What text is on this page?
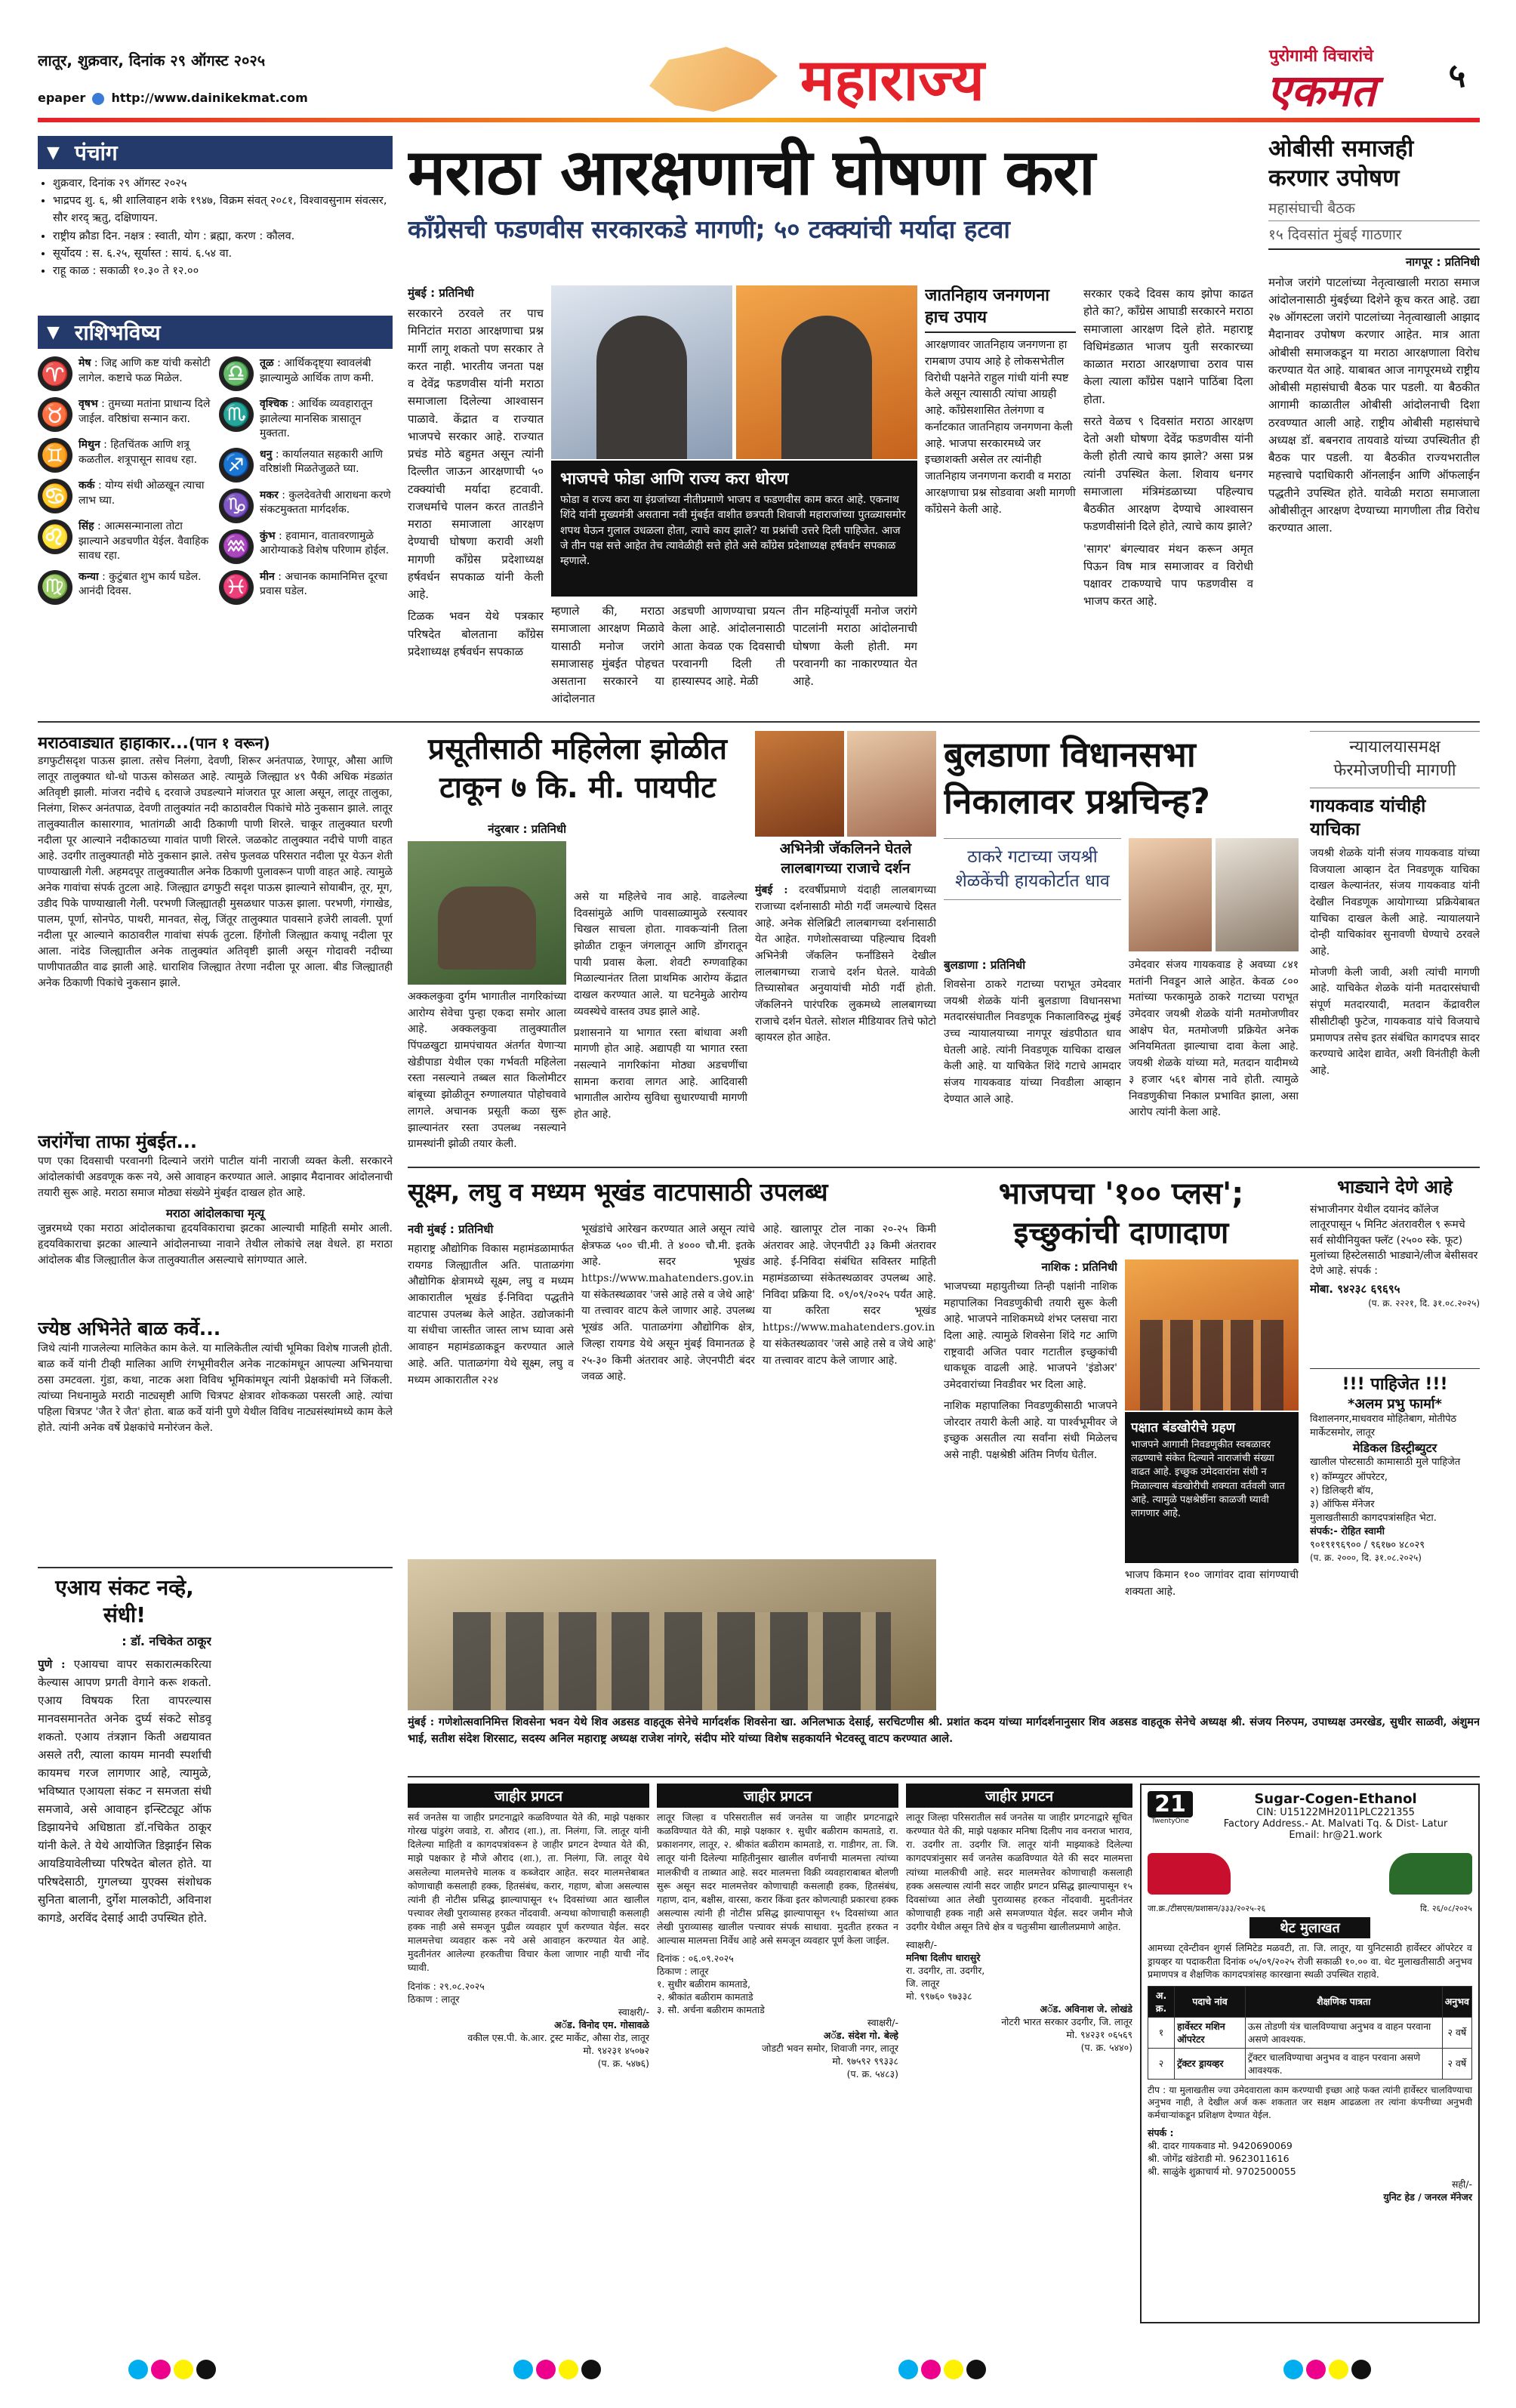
लातूर, शुक्रवार, दिनांक २९ ऑगस्ट २०२५
epaper http://www.dainikekmat.com	महाराज्य	पुरोगामी विचारांचे
एकमत	५
▼ पंचांग
• शुक्रवार, दिनांक २९ ऑगस्ट २०२५
• भाद्रपद शु. ६, श्री शालिवाहन शके १९४७, विक्रम संवत् २०८१, विश्वावसुनाम संवत्सर, सौर शरद् ऋतु, दक्षिणायन.
• राष्ट्रीय क्रौडा दिन. नक्षत्र : स्वाती, योग : ब्रह्मा, करण : कौलव.
• सूर्योदय : स. ६.२५, सूर्यास्त : सायं. ६.५४ वा.
• राहू काळ : सकाळी १०.३० ते १२.००
▼ राशिभविष्य
♈ मेष : जिद्द आणि कष्ट यांची कसोटी लागेल. कष्टाचे फळ मिळेल.
♉ वृषभ : तुमच्या मतांना प्राधान्य दिले जाईल. वरिष्ठांचा सन्मान करा.
♊ मिथुन : हितचिंतक आणि शत्रू कळतील. शत्रूपासून सावध रहा.
♋ कर्क : योग्य संधी ओळखून त्याचा लाभ घ्या.
♌ सिंह : आत्मसन्मानाला तोटा झाल्याने अडचणीत येईल. वैवाहिक सावध रहा.
♍ कन्या : कुटुंबात शुभ कार्य घडेल. आनंदी दिवस.
♎ तूळ : आर्थिकदृष्ट्या स्वावलंबी झाल्यामुळे आर्थिक ताण कमी.
♏ वृश्चिक : आर्थिक व्यवहारातून झालेल्या मानसिक त्रासातून मुक्तता.
♐ धनु : कार्यालयात सहकारी आणि वरिष्ठांशी मिळतेजुळते घ्या.
♑ मकर : कुलदेवतेची आराधना करणे संकटमुक्तता मार्गदर्शक.
♒ कुंभ : हवामान, वातावरणामुळे आरोग्याकडे विशेष परिणाम होईल.
♓ मीन : अचानक कामानिमित्त दूरचा प्रवास घडेल.
मराठा आरक्षणाची घोषणा करा
काँग्रेसची फडणवीस सरकारकडे मागणी; ५० टक्क्यांची मर्यादा हटवा

मुंबई : प्रतिनिधी

सरकारने ठरवले तर पाच मिनिटांत मराठा आरक्षणाचा प्रश्न मार्गी लागू शकतो पण सरकार ते करत नाही. भारतीय जनता पक्ष व देवेंद्र फडणवीस यांनी मराठा समाजाला दिलेल्या आश्वासन पाळावे. केंद्रात व राज्यात भाजपचे सरकार आहे. राज्यात प्रचंड मोठे बहुमत असून त्यांनी दिल्लीत जाऊन आरक्षणाची ५० टक्क्यांची मर्यादा हटवावी. राजधर्माचे पालन करत तातडीने मराठा समाजाला आरक्षण देण्याची घोषणा करावी अशी मागणी काँग्रेस प्रदेशाध्यक्ष हर्षवर्धन सपकाळ यांनी केली आहे.

टिळक भवन येथे पत्रकार परिषदेत बोलताना काँग्रेस प्रदेशाध्यक्ष हर्षवर्धन सपकाळ

भाजपचे फोडा आणि राज्य करा धोरण
फोडा व राज्य करा या इंग्रजांच्या नीतीप्रमाणे भाजप व फडणवीस काम करत आहे. एकनाथ शिंदे यांनी मुख्यमंत्री असताना नवी मुंबईत वाशीत छत्रपती शिवाजी महाराजांच्या पुतळ्यासमोर शपथ घेऊन गुलाल उधळला होता, त्याचे काय झाले? या प्रश्नांची उत्तरे दिली पाहिजेत. आज जे तीन पक्ष सत्ते आहेत तेच त्यावेळीही सत्ते होते असे काँग्रेस प्रदेशाध्यक्ष हर्षवर्धन सपकाळ म्हणाले.

म्हणाले की, मराठा समाजाला आरक्षण मिळावे यासाठी मनोज जरांगे समाजासह मुंबईत पोहचत असताना सरकारने या आंदोलनात

अडचणी आणण्याचा प्रयत्न केला आहे. आंदोलनासाठी आता केवळ एक दिवसाची परवानगी दिली ती हास्यास्पद आहे. मेळी

तीन महिन्यांपूर्वी मनोज जरांगे पाटलांनी मराठा आंदोलनाची घोषणा केली होती. मग परवानगी का नाकारण्यात येत आहे.

जातनिहाय जनगणना हाच उपाय
आरक्षणावर जातनिहाय जनगणना हा रामबाण उपाय आहे हे लोकसभेतील विरोधी पक्षनेते राहुल गांधी यांनी स्पष्ट केले असून त्यासाठी त्यांचा आग्रही आहे. काँग्रेसशासित तेलंगणा व कर्नाटकात जातनिहाय जनगणना केली आहे. भाजपा सरकारमध्ये जर इच्छाशक्ती असेल तर त्यांनीही जातनिहाय जनगणना करावी व मराठा आरक्षणाचा प्रश्न सोडवावा अशी मागणी काँग्रेसने केली आहे.

सरकार एकदे दिवस काय झोपा काढत होते का?, काँग्रेस आघाडी सरकारने मराठा समाजाला आरक्षण दिले होते. महाराष्ट्र विधिमंडळात भाजप युती सरकारच्या काळात मराठा आरक्षणाचा ठराव पास केला त्याला काँग्रेस पक्षाने पाठिंबा दिला होता.

सरते वेळच ९ दिवसांत मराठा आरक्षण देतो अशी घोषणा देवेंद्र फडणवीस यांनी केली होती त्याचे काय झाले? असा प्रश्न त्यांनी उपस्थित केला. शिवाय धनगर समाजाला मंत्रिमंडळाच्या पहिल्याच बैठकीत आरक्षण देण्याचे आश्वासन फडणवीसांनी दिले होते, त्याचे काय झाले?

'सागर' बंगल्यावर मंथन करून अमृत पिऊन विष मात्र समाजावर व विरोधी पक्षावर टाकण्याचे पाप फडणवीस व भाजप करत आहे.

ओबीसी समाजही करणार उपोषण
महासंघाची बैठक
१५ दिवसांत मुंबई गाठणार

नागपूर : प्रतिनिधी

मनोज जरांगे पाटलांच्या नेतृत्वाखाली मराठा समाज आंदोलनासाठी मुंबईच्या दिशेने कूच करत आहे. उद्या २७ ऑगस्टला जरांगे पाटलांच्या नेतृत्वाखाली आझाद मैदानावर उपोषण करणार आहेत. मात्र आता ओबीसी समाजकडून या मराठा आरक्षणाला विरोध करण्यात येत आहे. याबाबत आज नागपूरमध्ये राष्ट्रीय ओबीसी महासंघाची बैठक पार पडली. या बैठकीत आगामी काळातील ओबीसी आंदोलनाची दिशा ठरवण्यात आली आहे. राष्ट्रीय ओबीसी महासंघाचे अध्यक्ष डॉ. बबनराव तायवाडे यांच्या उपस्थितीत ही बैठक पार पडली. या बैठकीत राज्यभरातील महत्त्वाचे पदाधिकारी ऑनलाईन आणि ऑफलाईन पद्धतीने उपस्थित होते. यावेळी मराठा समाजाला ओबीसीतून आरक्षण देण्याच्या मागणीला तीव्र विरोध करण्यात आला.

मराठवाड्यात हाहाकार... (पान १ वरून)

डगफुटीसदृश पाऊस झाला. तसेच निलंगा, देवणी, शिरूर अनंतपाळ, रेणापूर, औसा आणि लातूर तालुक्यात धो-धो पाऊस कोसळत आहे. त्यामुळे जिल्ह्यात ४९ पैकी अधिक मंडळांत अतिवृष्टी झाली. मांजरा नदीचे ६ दरवाजे उघडल्याने मांजरात पूर आला असून, लातूर तालुका, निलंगा, शिरूर अनंतपाळ, देवणी तालुक्यांत नदी काठावरील पिकांचे मोठे नुकसान झाले. लातूर तालुक्यातील कासारगाव, भातांगळी आदी ठिकाणी पाणी शिरले. चाकूर तालुक्यात घरणी नदीला पूर आल्याने नदीकाठच्या गावांत पाणी शिरले. जळकोट तालुक्यात नदीचे पाणी वाहत आहे. उदगीर तालुक्यातही मोठे नुकसान झाले. तसेच फुलवळ परिसरात नदीला पूर येऊन शेती पाण्याखाली गेली. अहमदपूर तालुक्यातील अनेक ठिकाणी पुलावरून पाणी वाहत आहे. त्यामुळे अनेक गावांचा संपर्क तुटला आहे. जिल्ह्यात ढगफुटी सदृश पाऊस झाल्याने सोयाबीन, तूर, मूग, उडीद पिके पाण्याखाली गेली. परभणी जिल्ह्यातही मुसळधार पाऊस झाला. परभणी, गंगाखेड, पालम, पूर्णा, सोनपेठ, पाथरी, मानवत, सेलू, जिंतूर तालुक्यात पावसाने हजेरी लावली. पूर्णा नदीला पूर आल्याने काठावरील गावांचा संपर्क तुटला. हिंगोली जिल्ह्यात कयाधू नदीला पूर आला. नांदेड जिल्ह्यातील अनेक तालुक्यांत अतिवृष्टी झाली असून गोदावरी नदीच्या पाणीपातळीत वाढ झाली आहे. धाराशिव जिल्ह्यात तेरणा नदीला पूर आला. बीड जिल्ह्यातही अनेक ठिकाणी पिकांचे नुकसान झाले.

जरांगेंचा ताफा मुंबईत...

पण एका दिवसाची परवानगी दिल्याने जरांगे पाटील यांनी नाराजी व्यक्त केली. सरकारने आंदोलकांची अडवणूक करू नये, असे आवाहन करण्यात आले. आझाद मैदानावर आंदोलनाची तयारी सुरू आहे. मराठा समाज मोठ्या संख्येने मुंबईत दाखल होत आहे.

मराठा आंदोलकाचा मृत्यू

जुन्नरमध्ये एका मराठा आंदोलकाचा हृदयविकाराचा झटका आल्याची माहिती समोर आली. हृदयविकाराचा झटका आल्याने आंदोलनाच्या नावाने तेथील लोकांचे लक्ष वेधले. हा मराठा आंदोलक बीड जिल्ह्यातील केज तालुक्यातील असल्याचे सांगण्यात आले.

ज्येष्ठ अभिनेते बाळ कर्वे...

जिथे त्यांनी गाजलेल्या मालिकेत काम केले. या मालिकेतील त्यांची भूमिका विशेष गाजली होती. बाळ कर्वे यांनी टीव्ही मालिका आणि रंगभूमीवरील अनेक नाटकांमधून आपल्या अभिनयाचा ठसा उमटवला. गुंडा, कथा, नाटक अशा विविध भूमिकांमधून त्यांनी प्रेक्षकांची मने जिंकली. त्यांच्या निधनामुळे मराठी नाट्यसृष्टी आणि चित्रपट क्षेत्रावर शोककळा पसरली आहे. त्यांचा पहिला चित्रपट 'जैत रे जैत' होता. बाळ कर्वे यांनी पुणे येथील विविध नाट्यसंस्थांमध्ये काम केले होते. त्यांनी अनेक वर्षे प्रेक्षकांचे मनोरंजन केले.

एआय संकट नव्हे, संधी!
: डॉ. नचिकेत ठाकूर

पुणे : एआयचा वापर सकारात्मकरित्या केल्यास आपण प्रगती वेगाने करू शकतो. एआय विषयक रिता वापरल्यास मानवसमानतेत अनेक दुर्घ्य संकटे सोडवू शकतो. एआय तंत्रज्ञान किती अद्ययावत असले तरी, त्याला कायम मानवी स्पर्शाची कायमच गरज लागणार आहे, त्यामुळे, भविष्यात एआयला संकट न समजता संधी समजावे, असे आवाहन इन्स्टिट्यूट ऑफ डिझायनेचे अधिष्ठाता डॉ.नचिकेत ठाकूर यांनी केले. ते येथे आयोजित डिझाईन सिक आयडियावेलीच्या परिषदेत बोलत होते. या परिषदेसाठी, गुगलच्या युएक्स संशोधक सुनिता बालानी, दुर्गेश मालकोटी, अविनाश कागडे, अरविंद देसाई आदी उपस्थित होते.

प्रसूतीसाठी महिलेला झोळीत टाकून ७ कि. मी. पायपीट

नंदुरबार : प्रतिनिधी

अक्कलकुवा दुर्गम भागातील नागरिकांच्या आरोग्य सेवेचा पुन्हा एकदा समोर आला आहे. अक्कलकुवा तालुक्यातील पिंपळखुटा ग्रामपंचायत अंतर्गत येणाऱ्या खेडीपाडा येथील एका गर्भवती महिलेला रस्ता नसल्याने तब्बल सात किलोमीटर बांबूच्या झोळीतून रुग्णालयात पोहोचवावे लागले. अचानक प्रसूती कळा सुरू झाल्यानंतर रस्ता उपलब्ध नसल्याने ग्रामस्थांनी झोळी तयार केली.

असे या महिलेचे नाव आहे. वाढलेल्या दिवसांमुळे आणि पावसाळ्यामुळे रस्त्यावर चिखल साचला होता. गावकऱ्यांनी तिला झोळीत टाकून जंगलातून आणि डोंगरातून पायी प्रवास केला. शेवटी रुग्णवाहिका मिळाल्यानंतर तिला प्राथमिक आरोग्य केंद्रात दाखल करण्यात आले. या घटनेमुळे आरोग्य व्यवस्थेचे वास्तव उघड झाले आहे.

प्रशासनाने या भागात रस्ता बांधावा अशी मागणी होत आहे. अद्यापही या भागात रस्ता नसल्याने नागरिकांना मोठ्या अडचणींचा सामना करावा लागत आहे. आदिवासी भागातील आरोग्य सुविधा सुधारण्याची मागणी होत आहे.

अभिनेत्री जॅकलिनने घेतले लालबागच्या राजाचे दर्शन

मुंबई : दरवर्षीप्रमाणे यंदाही लालबागच्या राजाच्या दर्शनासाठी मोठी गर्दी जमल्याचे दिसत आहे. अनेक सेलिब्रिटी लालबागच्या दर्शनासाठी येत आहेत. गणेशोत्सवाच्या पहिल्याच दिवशी अभिनेत्री जॅकलिन फर्नांडिसने देखील लालबागच्या राजाचे दर्शन घेतले. यावेळी तिच्यासोबत अनुयायांची मोठी गर्दी होती. जॅकलिनने पारंपरिक लुकमध्ये लालबागच्या राजाचे दर्शन घेतले. सोशल मीडियावर तिचे फोटो व्हायरल होत आहेत.

बुलडाणा विधानसभा निकालावर प्रश्नचिन्ह?
ठाकरे गटाच्या जयश्री शेळकेंची हायकोर्टात धाव

बुलडाणा : प्रतिनिधी

शिवसेना ठाकरे गटाच्या पराभूत उमेदवार जयश्री शेळके यांनी बुलडाणा विधानसभा मतदारसंघातील निवडणूक निकालाविरुद्ध मुंबई उच्च न्यायालयाच्या नागपूर खंडपीठात धाव घेतली आहे. त्यांनी निवडणूक याचिका दाखल केली आहे. या याचिकेत शिंदे गटाचे आमदार संजय गायकवाड यांच्या निवडीला आव्हान देण्यात आले आहे.

उमेदवार संजय गायकवाड हे अवघ्या ८४१ मतांनी निवडून आले आहेत. केवळ ८०० मतांच्या फरकामुळे ठाकरे गटाच्या पराभूत उमेदवार जयश्री शेळके यांनी मतमोजणीवर आक्षेप घेत, मतमोजणी प्रक्रियेत अनेक अनियमितता झाल्याचा दावा केला आहे. जयश्री शेळके यांच्या मते, मतदान यादीमध्ये ३ हजार ५६१ बोगस नावे होती. त्यामुळे निवडणुकीचा निकाल प्रभावित झाला, असा आरोप त्यांनी केला आहे.

न्यायालयासमक्ष फेरमोजणीची मागणी
गायकवाड यांचीही याचिका

जयश्री शेळके यांनी संजय गायकवाड यांच्या विजयाला आव्हान देत निवडणूक याचिका दाखल केल्यानंतर, संजय गायकवाड यांनी देखील निवडणूक आयोगाच्या प्रक्रियेबाबत याचिका दाखल केली आहे. न्यायालयाने दोन्ही याचिकांवर सुनावणी घेण्याचे ठरवले आहे.

मोजणी केली जावी, अशी त्यांची मागणी आहे. याचिकेत शेळके यांनी मतदारसंघाची संपूर्ण मतदारयादी, मतदान केंद्रावरील सीसीटीव्ही फुटेज, गायकवाड यांचे विजयाचे प्रमाणपत्र तसेच इतर संबंधित कागदपत्र सादर करण्याचे आदेश द्यावेत, अशी विनंतीही केली आहे.

सूक्ष्म, लघु व मध्यम भूखंड वाटपासाठी उपलब्ध

नवी मुंबई : प्रतिनिधी

महाराष्ट्र औद्योगिक विकास महामंडळामार्फत रायगड जिल्ह्यातील अति. पाताळगंगा औद्योगिक क्षेत्रामध्ये सूक्ष्म, लघु व मध्यम आकारातील भूखंड ई-निविदा पद्धतीने वाटपास उपलब्ध केले आहेत. उद्योजकांनी या संधीचा जास्तीत जास्त लाभ घ्यावा असे आवाहन महामंडळाकडून करण्यात आले आहे. अति. पाताळगंगा येथे सूक्ष्म, लघु व मध्यम आकारातील २२४

भूखंडांचे आरेखन करण्यात आले असून त्यांचे क्षेत्रफळ ५०० ची.मी. ते ४००० चौ.मी. इतके आहे. सदर भूखंड https://www.mahatenders.gov.in या संकेतस्थळावर 'जसे आहे तसे व जेथे आहे' या तत्त्वावर वाटप केले जाणार आहे. उपलब्ध भूखंड अति. पाताळगंगा औद्योगिक क्षेत्र, जिल्हा रायगड येथे असून मुंबई विमानतळ हे २५-३० किमी अंतरावर आहे. जेएनपीटी बंदर जवळ आहे.

आहे. खालापूर टोल नाका २०-२५ किमी अंतरावर आहे. जेएनपीटी ३३ किमी अंतरावर आहे. ई-निविदा संबंधित सविस्तर माहिती महामंडळाच्या संकेतस्थळावर उपलब्ध आहे. निविदा प्रक्रिया दि. ०९/०९/२०२५ पर्यंत आहे. या करिता सदर भूखंड https://www.mahatenders.gov.in या संकेतस्थळावर 'जसे आहे तसे व जेथे आहे' या तत्त्वावर वाटप केले जाणार आहे.

मुंबई : गणेशोत्सवानिमित्त शिवसेना भवन येथे शिव अडसड वाहतूक सेनेचे मार्गदर्शक शिवसेना खा. अनिलभाऊ देसाई, सरचिटणीस श्री. प्रशांत कदम यांच्या मार्गदर्शनानुसार शिव अडसड वाहतूक सेनेचे अध्यक्ष श्री. संजय निरुपम, उपाध्यक्ष उमरखेड, सुधीर साळवी, अंशुमन भाई, सतीश संदेश शिरसाट, सदस्य अनिल महाराष्ट्र अध्यक्ष राजेश नांगरे, संदीप मोरे यांच्या विशेष सहकार्याने भेटवस्तू वाटप करण्यात आले.

भाजपचा '१०० प्लस'; इच्छुकांची दाणादाण

नाशिक : प्रतिनिधी

भाजपच्या महायुतीच्या तिन्ही पक्षांनी नाशिक महापालिका निवडणुकीची तयारी सुरू केली आहे. भाजपने नाशिकमध्ये शंभर प्लसचा नारा दिला आहे. त्यामुळे शिवसेना शिंदे गट आणि राष्ट्रवादी अजित पवार गटातील इच्छुकांची धाकधूक वाढली आहे. भाजपने 'इंडोअर' उमेदवारांच्या निवडीवर भर दिला आहे.

नाशिक महापालिका निवडणुकीसाठी भाजपने जोरदार तयारी केली आहे. या पार्श्वभूमीवर जे इच्छुक असतील त्या सर्वांना संधी मिळेलच असे नाही. पक्षश्रेष्ठी अंतिम निर्णय घेतील.

पक्षात बंडखोरीचे ग्रहण
भाजपने आगामी निवडणुकीत स्वबळावर लढण्याचे संकेत दिल्याने नाराजांची संख्या वाढत आहे. इच्छुक उमेदवारांना संधी न मिळाल्यास बंडखोरीची शक्यता वर्तवली जात आहे. त्यामुळे पक्षश्रेष्ठींना काळजी घ्यावी लागणार आहे.

भाजप किमान १०० जागांवर दावा सांगण्याची शक्यता आहे.

भाड्याने देणे आहे
संभाजीनगर येथील दयानंद कॉलेज लातूरपासून ५ मिनिट अंतरावरील ९ रूमचे सर्व सोयीनियुक्त फ्लॅट (२५०० स्के. फूट) मुलांच्या हिस्टेलसाठी भाड्याने/लीज बेसीसवर देणे आहे. संपर्क :
मोबा. ९४२३८ ६९६९५
(प. क्र. २२२१, दि. ३१.०८.२०२५)
!!! पाहिजेत !!!
*अलम प्रभु फार्मा*
विशालनगर,माधवराव मोहितेबाग, मोतीपेठ मार्केटसमोर, लातूर
मेडिकल डिस्ट्रीब्युटर
खालील पोस्टसाठी कामासाठी मुले पाहिजेत
१) कॉम्प्युटर ऑपरेटर,
२) डिलिव्हरी बॉय,
३) ऑफिस मॅनेजर
मुलाखतीसाठी कागदपत्रांसहित भेटा.
संपर्क:- रोहित स्वामी
९०१९१९६९०० / ९६१७० ४८०२९
(प. क्र. २०००, दि. ३१.०८.२०२५)
जाहीर प्रगटन

सर्व जनतेस या जाहीर प्रगटनाद्वारे कळविण्यात येते की, माझे पक्षकार गोरख पांडुरंग जवाडे, रा. औराद (शा.), ता. निलंगा, जि. लातूर यांनी दिलेल्या माहिती व कागदपत्रांवरून हे जाहीर प्रगटन देण्यात येते की, माझे पक्षकार हे मौजे औराद (शा.), ता. निलंगा, जि. लातूर येथे असलेल्या मालमत्तेचे मालक व कब्जेदार आहेत. सदर मालमत्तेबाबत कोणाचाही कसलाही हक्क, हितसंबंध, करार, गहाण, बोजा असल्यास त्यांनी ही नोटीस प्रसिद्ध झाल्यापासून १५ दिवसांच्या आत खालील पत्त्यावर लेखी पुराव्यासह हरकत नोंदवावी. अन्यथा कोणाचाही कसलाही हक्क नाही असे समजून पुढील व्यवहार पूर्ण करण्यात येईल. सदर मालमत्तेचा व्यवहार करू नये असे आवाहन करण्यात येत आहे. मुदतीनंतर आलेल्या हरकतीचा विचार केला जाणार नाही याची नोंद घ्यावी.

दिनांक : २९.०८.२०२५
ठिकाण : लातूर
स्वाक्षरी/-
अॅड. विनोद एम. गोसावळे
वकील एस.पी. के.आर. ट्रस्ट मार्केट, औसा रोड, लातूर
मो. ९४२३१ ४५०७२
(प. क्र. ५४७६)
जाहीर प्रगटन

लातूर जिल्हा व परिसरातील सर्व जनतेस या जाहीर प्रगटनाद्वारे कळविण्यात येते की, माझे पक्षकार १. सुधीर बळीराम कामताडे, रा. प्रकाशनगर, लातूर, २. श्रीकांत बळीराम कामताडे, रा. गाडीगर, ता. जि. लातूर यांनी दिलेल्या माहितीनुसार खालील वर्णनाची मालमत्ता त्यांच्या मालकीची व ताब्यात आहे. सदर मालमत्ता विक्री व्यवहाराबाबत बोलणी सुरू असून सदर मालमत्तेवर कोणाचाही कसलाही हक्क, हितसंबंध, गहाण, दान, बक्षीस, वारसा, करार किंवा इतर कोणत्याही प्रकारचा हक्क असल्यास त्यांनी ही नोटीस प्रसिद्ध झाल्यापासून १५ दिवसांच्या आत लेखी पुराव्यासह खालील पत्त्यावर संपर्क साधावा. मुदतीत हरकत न आल्यास मालमत्ता निर्वेध आहे असे समजून व्यवहार पूर्ण केला जाईल.

दिनांक : ०६.०९.२०२५
ठिकाण : लातूर
१. सुधीर बळीराम कामताडे,
२. श्रीकांत बळीराम कामताडे
३. सौ. अर्चना बळीराम कामताडे
स्वाक्षरी/-
अॅड. संदेश गो. बेल्हे
जोडटी भवन समोर, शिवाजी नगर, लातूर
मो. ९७५९२ ९९३३८
(प. क्र. ५४८३)
जाहीर प्रगटन

लातूर जिल्हा परिसरातील सर्व जनतेस या जाहीर प्रगटनाद्वारे सूचित करण्यात येते की, माझे पक्षकार मनिषा दिलीप नाव वनराज भाराव, रा. उदगीर ता. उदगीर जि. लातूर यांनी माझ्याकडे दिलेल्या कागदपत्रांनुसार सर्व जनतेस कळविण्यात येते की सदर मालमत्ता त्यांच्या मालकीची आहे. सदर मालमत्तेवर कोणाचाही कसलाही हक्क असल्यास त्यांनी सदर जाहीर प्रगटन प्रसिद्ध झाल्यापासून १५ दिवसांच्या आत लेखी पुराव्यासह हरकत नोंदवावी. मुदतीनंतर कोणाचाही हक्क नाही असे समजण्यात येईल. सदर जमीन मौजे उदगीर येथील असून तिचे क्षेत्र व चतुःसीमा खालीलप्रमाणे आहेत.

स्वाक्षरी/-
मनिषा दिलीप धारासुरे
रा. उदगीर, ता. उदगीर,
जि. लातूर
मो. ९९७६० ९७३३८
अॅड. अविनाश जे. लोखंडे
नोटरी भारत सरकार उदगीर, जि. लातूर
मो. ९४२३१ ०६५६९
(प. क्र. ५४४०)
21
TwentyOne
Sugar-Cogen-Ethanol
CIN: U15122MH2011PLC221355
Factory Address.- At. Malvati Tq. & Dist- Latur
Email: hr@21.work
जा.क्र./टीसएस/प्रशासन/३३३/२०२५-२६	दि. २६/०८/२०२५
थेट मुलाखत
आमच्या ट्वेन्टीवन शुगर्स लिमिटेड मळवटी, ता. जि. लातूर, या युनिटसाठी हार्वेस्टर ऑपरेटर व ड्रायव्हर या पदाकरीता दिनांक ०५/०९/२०२५ रोजी सकाळी १०.०० वा. थेट मुलाखतीसाठी अनुभव प्रमाणपत्र व शैक्षणिक कागदपत्रांसह कारखाना स्थळी उपस्थित राहावे.
अ. क्र.	पदाचे नांव	शैक्षणिक पात्रता	अनुभव
१	हार्वेस्टर मशिन ऑपरेटर	ऊस तोडणी यंत्र चालविण्याचा अनुभव व वाहन परवाना असणे आवश्यक.	२ वर्षे
२	ट्रॅक्टर ड्रायव्हर	ट्रॅक्टर चालविण्याचा अनुभव व वाहन परवाना असणे आवश्यक.	२ वर्षे
टीप : या मुलाखतीस ज्या उमेदवाराला काम करण्याची इच्छा आहे फक्त त्यांनी हार्वेस्टर चालविण्याचा अनुभव नाही, ते देखील अर्ज करू शकतात जर सक्षम आढळला तर त्यांना कंपनीच्या अनुभवी कर्मचाऱ्यांकडून प्रशिक्षण देण्यात येईल.
संपर्क :
श्री. दादर गायकवाड मो. 9420690069
श्री. जोगेंद्र खंडेराडी मो. 9623011616
श्री. साळुंके शुक्राचार्य मो. 9702500055
सही/-
युनिट हेड / जनरल मॅनेजर
